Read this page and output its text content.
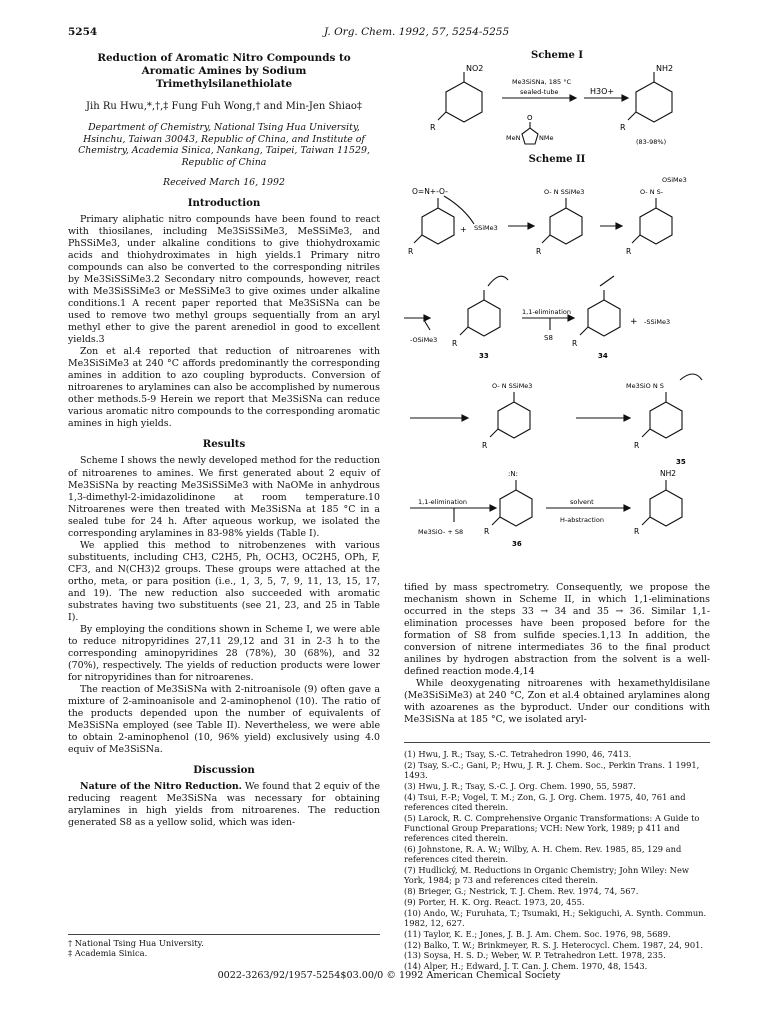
5254	J. Org. Chem. 1992, 57, 5254-5255
Reduction of Aromatic Nitro Compounds to Aromatic Amines by Sodium Trimethylsilanethiolate
Jih Ru Hwu,*,†,‡ Fung Fuh Wong,† and Min-Jen Shiao‡
Department of Chemistry, National Tsing Hua University, Hsinchu, Taiwan 30043, Republic of China, and Institute of Chemistry, Academia Sinica, Nankang, Taipei, Taiwan 11529, Republic of China
Received March 16, 1992
Introduction

Primary aliphatic nitro compounds have been found to react with thiosilanes, including Me3SiSSiMe3, MeSSiMe3, and PhSSiMe3, under alkaline conditions to give thiohydroxamic acids and thiohydroximates in high yields.1 Primary nitro compounds can also be converted to the corresponding nitriles by Me3SiSSiMe3.2 Secondary nitro compounds, however, react with Me3SiSSiMe3 or MeSSiMe3 to give oximes under alkaline conditions.1 A recent paper reported that Me3SiSNa can be used to remove two methyl groups sequentially from an aryl methyl ether to give the parent arenediol in good to excellent yields.3

Zon et al.4 reported that reduction of nitroarenes with Me3SiSiMe3 at 240 °C affords predominantly the corresponding amines in addition to azo coupling byproducts. Conversion of nitroarenes to arylamines can also be accomplished by numerous other methods.5-9 Herein we report that Me3SiSNa can reduce various aromatic nitro compounds to the corresponding aromatic amines in high yields.

Results

Scheme I shows the newly developed method for the reduction of nitroarenes to amines. We first generated about 2 equiv of Me3SiSNa by reacting Me3SiSSiMe3 with NaOMe in anhydrous 1,3-dimethyl-2-imidazolidinone at room temperature.10 Nitroarenes were then treated with Me3SiSNa at 185 °C in a sealed tube for 24 h. After aqueous workup, we isolated the corresponding arylamines in 83-98% yields (Table I).

We applied this method to nitrobenzenes with various substituents, including CH3, C2H5, Ph, OCH3, OC2H5, OPh, F, CF3, and N(CH3)2 groups. These groups were attached at the ortho, meta, or para position (i.e., 1, 3, 5, 7, 9, 11, 13, 15, 17, and 19). The new reduction also succeeded with aromatic substrates having two substituents (see 21, 23, and 25 in Table I).

By employing the conditions shown in Scheme I, we were able to reduce nitropyridines 27,11 29,12 and 31 in 2-3 h to the corresponding aminopyridines 28 (78%), 30 (68%), and 32 (70%), respectively. The yields of reduction products were lower for nitropyridines than for nitroarenes.

The reaction of Me3SiSNa with 2-nitroanisole (9) often gave a mixture of 2-aminoanisole and 2-aminophenol (10). The ratio of the products depended upon the number of equivalents of Me3SiSNa employed (see Table II). Nevertheless, we were able to obtain 2-aminophenol (10, 96% yield) exclusively using 4.0 equiv of Me3SiSNa.

Discussion

Nature of the Nitro Reduction. We found that 2 equiv of the reducing reagent Me3SiSNa was necessary for obtaining arylamines in high yields from nitroarenes. The reduction generated S8 as a yellow solid, which was iden-

† National Tsing Hua University.
‡ Academia Sinica.
Scheme I
NO2
R
Me3SiSNa, 185 °C
sealed-tube	H3O+
NH2
R
O
MeN	NMe	(83-98%)
Scheme II
O=N+-O-
+ SSiMe3
R
O- N SSiMe3
R
OSiMe3
O- N S-
R
-OSiMe3 R
33
1,1-elimination
S8
R
34
+ -SSiMe3
O- N SSiMe3
R
Me3SiO N S
R
35
1,1-elimination
Me3SiO- + S8
:N:
R
36
solvent
H-abstraction
NH2
R

tified by mass spectrometry. Consequently, we propose the mechanism shown in Scheme II, in which 1,1-eliminations occurred in the steps 33 → 34 and 35 → 36. Similar 1,1-elimination processes have been proposed before for the formation of S8 from sulfide species.1,13 In addition, the conversion of nitrene intermediates 36 to the final product anilines by hydrogen abstraction from the solvent is a well-defined reaction mode.4,14

While deoxygenating nitroarenes with hexamethyldisilane (Me3SiSiMe3) at 240 °C, Zon et al.4 obtained arylamines along with azoarenes as the byproduct. Under our conditions with Me3SiSNa at 185 °C, we isolated aryl-

(1) Hwu, J. R.; Tsay, S.-C. Tetrahedron 1990, 46, 7413.
(2) Tsay, S.-C.; Gani, P.; Hwu, J. R. J. Chem. Soc., Perkin Trans. 1 1991, 1493.
(3) Hwu, J. R.; Tsay, S.-C. J. Org. Chem. 1990, 55, 5987.
(4) Tsui, F.-P.; Vogel, T. M.; Zon, G. J. Org. Chem. 1975, 40, 761 and references cited therein.
(5) Larock, R. C. Comprehensive Organic Transformations: A Guide to Functional Group Preparations; VCH: New York, 1989; p 411 and references cited therein.
(6) Johnstone, R. A. W.; Wilby, A. H. Chem. Rev. 1985, 85, 129 and references cited therein.
(7) Hudlický, M. Reductions in Organic Chemistry; John Wiley: New York, 1984; p 73 and references cited therein.
(8) Brieger, G.; Nestrick, T. J. Chem. Rev. 1974, 74, 567.
(9) Porter, H. K. Org. React. 1973, 20, 455.
(10) Ando, W.; Furuhata, T.; Tsumaki, H.; Sekiguchi, A. Synth. Commun. 1982, 12, 627.
(11) Taylor, K. E.; Jones, J. B. J. Am. Chem. Soc. 1976, 98, 5689.
(12) Balko, T. W.; Brinkmeyer, R. S. J. Heterocycl. Chem. 1987, 24, 901.
(13) Soysa, H. S. D.; Weber, W. P. Tetrahedron Lett. 1978, 235.
(14) Alper, H.; Edward, J. T. Can. J. Chem. 1970, 48, 1543.
0022-3263/92/1957-5254$03.00/0 © 1992 American Chemical Society
